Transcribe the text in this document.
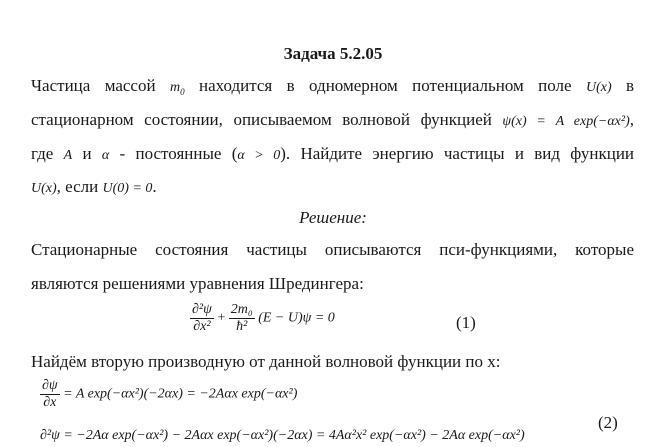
Задача 5.2.05
Частица массой $m_0$ находится в одномерном потенциальном поле U(x) в
стационарном состоянии, описываемом волновой функцией ψ(x) = A exp(−αx²),
где A и α - постоянные (α > 0). Найдите энергию частицы и вид функции
U(x), если U(0) = 0.
Решение:
Стационарные состояния частицы описываются пси-функциями, которые
являются решениями уравнения Шредингера:
$\frac{\text{∂²ψ}}{\text{∂x²}} + \frac{\text{2m₀}}{\text{ħ²}} (E - U)\psi = 0$	(1)
Найдём вторую производную от данной волновой функции по x:
$\frac{\partial\psi}{\partial x} = A$ exp(−αx²)(−2αx) = −2Aαx exp(−αx²)
(2)
∂²ψ = −2Aα exp(−αx²) − 2Aαx exp(−αx²)(−2αx) = 4Aα²x² exp(−αx²) − 2Aα exp(−αx²)
